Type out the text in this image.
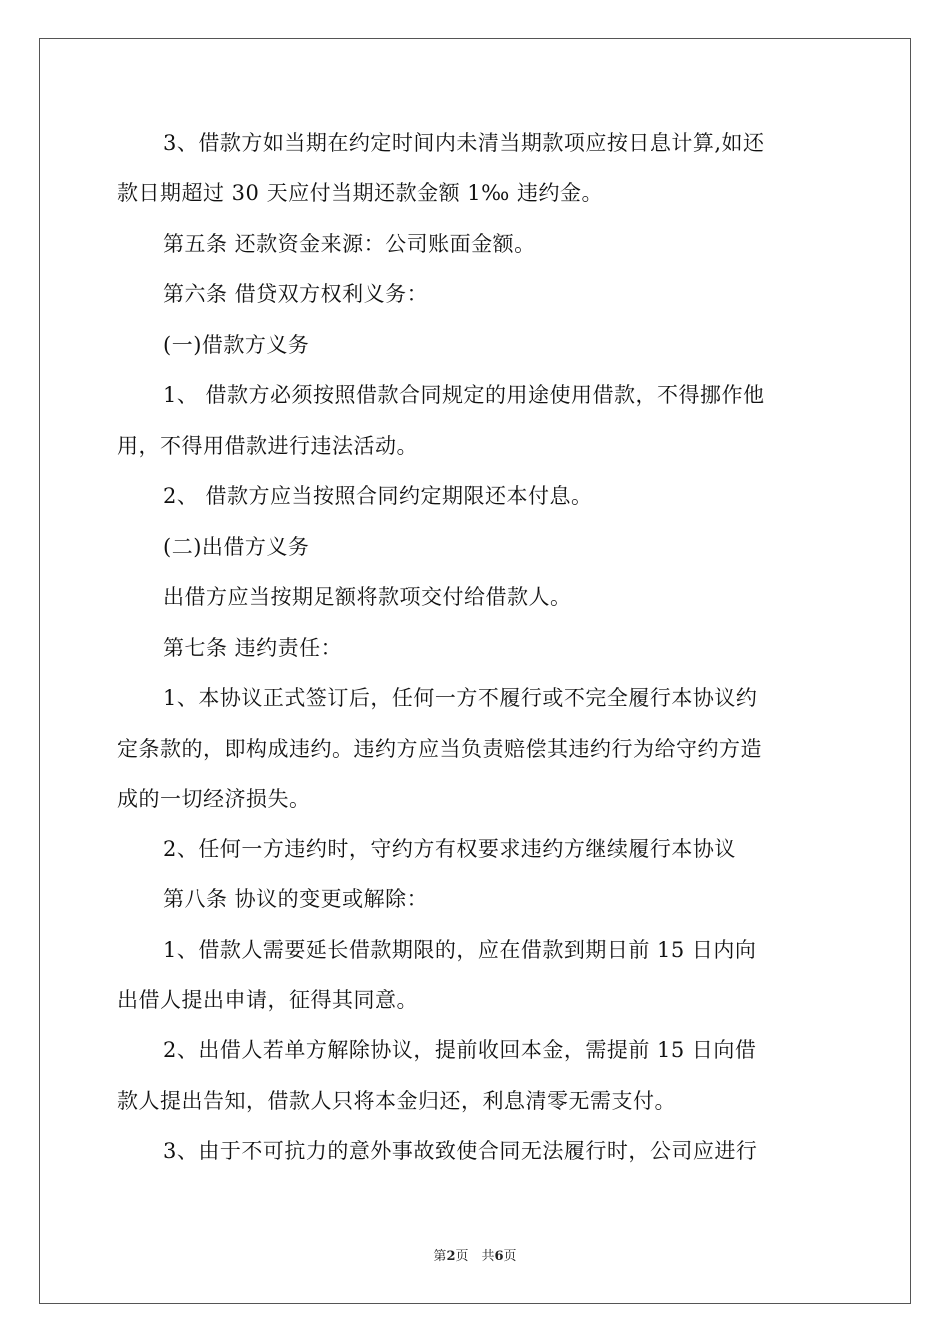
3、借款方如当期在约定时间内未清当期款项应按日息计算,如还
款日期超过 30 天应付当期还款金额 1‰ 违约金。
第五条 还款资金来源：公司账面金额。
第六条 借贷双方权利义务：
(一)借款方义务
1、 借款方必须按照借款合同规定的用途使用借款，不得挪作他
用，不得用借款进行违法活动。
2、 借款方应当按照合同约定期限还本付息。
(二)出借方义务
出借方应当按期足额将款项交付给借款人。
第七条 违约责任：
1、本协议正式签订后，任何一方不履行或不完全履行本协议约
定条款的，即构成违约。违约方应当负责赔偿其违约行为给守约方造
成的一切经济损失。
2、任何一方违约时，守约方有权要求违约方继续履行本协议
第八条 协议的变更或解除：
1、借款人需要延长借款期限的，应在借款到期日前 15 日内向
出借人提出申请，征得其同意。
2、出借人若单方解除协议，提前收回本金，需提前 15 日向借
款人提出告知，借款人只将本金归还，利息清零无需支付。
3、由于不可抗力的意外事故致使合同无法履行时，公司应进行
第2页　共6页
